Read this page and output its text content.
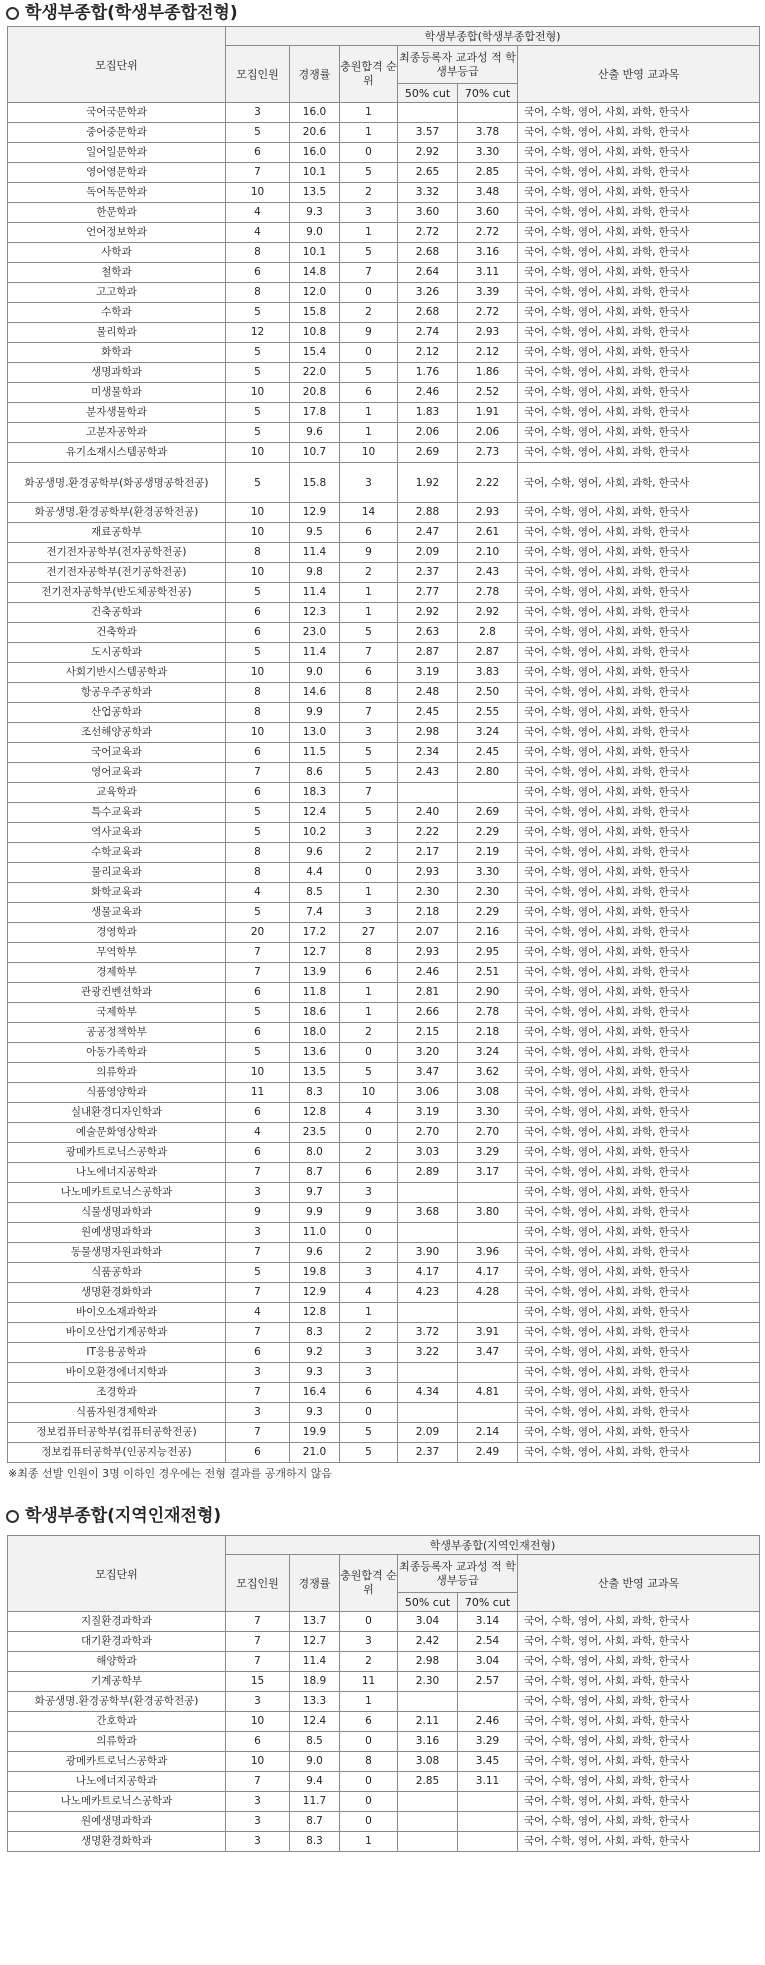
학생부종합(학생부종합전형)
모집단위	학생부종합(학생부종합전형)					
	모집인원	경쟁률	충원합격 순위	최종등록자 교과성 적 학생부등급		산출 반영 교과목
				50% cut	70% cut	
국어국문학과	3	16.0	1			국어, 수학, 영어, 사회, 과학, 한국사
중어중문학과	5	20.6	1	3.57	3.78	국어, 수학, 영어, 사회, 과학, 한국사
일어일문학과	6	16.0	0	2.92	3.30	국어, 수학, 영어, 사회, 과학, 한국사
영어영문학과	7	10.1	5	2.65	2.85	국어, 수학, 영어, 사회, 과학, 한국사
독어독문학과	10	13.5	2	3.32	3.48	국어, 수학, 영어, 사회, 과학, 한국사
한문학과	4	9.3	3	3.60	3.60	국어, 수학, 영어, 사회, 과학, 한국사
언어정보학과	4	9.0	1	2.72	2.72	국어, 수학, 영어, 사회, 과학, 한국사
사학과	8	10.1	5	2.68	3.16	국어, 수학, 영어, 사회, 과학, 한국사
철학과	6	14.8	7	2.64	3.11	국어, 수학, 영어, 사회, 과학, 한국사
고고학과	8	12.0	0	3.26	3.39	국어, 수학, 영어, 사회, 과학, 한국사
수학과	5	15.8	2	2.68	2.72	국어, 수학, 영어, 사회, 과학, 한국사
물리학과	12	10.8	9	2.74	2.93	국어, 수학, 영어, 사회, 과학, 한국사
화학과	5	15.4	0	2.12	2.12	국어, 수학, 영어, 사회, 과학, 한국사
생명과학과	5	22.0	5	1.76	1.86	국어, 수학, 영어, 사회, 과학, 한국사
미생물학과	10	20.8	6	2.46	2.52	국어, 수학, 영어, 사회, 과학, 한국사
분자생물학과	5	17.8	1	1.83	1.91	국어, 수학, 영어, 사회, 과학, 한국사
고분자공학과	5	9.6	1	2.06	2.06	국어, 수학, 영어, 사회, 과학, 한국사
유기소재시스템공학과	10	10.7	10	2.69	2.73	국어, 수학, 영어, 사회, 과학, 한국사
화공생명.환경공학부(화공생명공학전공)	5	15.8	3	1.92	2.22	국어, 수학, 영어, 사회, 과학, 한국사
화공생명.환경공학부(환경공학전공)	10	12.9	14	2.88	2.93	국어, 수학, 영어, 사회, 과학, 한국사
재료공학부	10	9.5	6	2.47	2.61	국어, 수학, 영어, 사회, 과학, 한국사
전기전자공학부(전자공학전공)	8	11.4	9	2.09	2.10	국어, 수학, 영어, 사회, 과학, 한국사
전기전자공학부(전기공학전공)	10	9.8	2	2.37	2.43	국어, 수학, 영어, 사회, 과학, 한국사
전기전자공학부(반도체공학전공)	5	11.4	1	2.77	2.78	국어, 수학, 영어, 사회, 과학, 한국사
건축공학과	6	12.3	1	2.92	2.92	국어, 수학, 영어, 사회, 과학, 한국사
건축학과	6	23.0	5	2.63	2.8	국어, 수학, 영어, 사회, 과학, 한국사
도시공학과	5	11.4	7	2.87	2.87	국어, 수학, 영어, 사회, 과학, 한국사
사회기반시스템공학과	10	9.0	6	3.19	3.83	국어, 수학, 영어, 사회, 과학, 한국사
항공우주공학과	8	14.6	8	2.48	2.50	국어, 수학, 영어, 사회, 과학, 한국사
산업공학과	8	9.9	7	2.45	2.55	국어, 수학, 영어, 사회, 과학, 한국사
조선해양공학과	10	13.0	3	2.98	3.24	국어, 수학, 영어, 사회, 과학, 한국사
국어교육과	6	11.5	5	2.34	2.45	국어, 수학, 영어, 사회, 과학, 한국사
영어교육과	7	8.6	5	2.43	2.80	국어, 수학, 영어, 사회, 과학, 한국사
교육학과	6	18.3	7			국어, 수학, 영어, 사회, 과학, 한국사
특수교육과	5	12.4	5	2.40	2.69	국어, 수학, 영어, 사회, 과학, 한국사
역사교육과	5	10.2	3	2.22	2.29	국어, 수학, 영어, 사회, 과학, 한국사
수학교육과	8	9.6	2	2.17	2.19	국어, 수학, 영어, 사회, 과학, 한국사
물리교육과	8	4.4	0	2.93	3.30	국어, 수학, 영어, 사회, 과학, 한국사
화학교육과	4	8.5	1	2.30	2.30	국어, 수학, 영어, 사회, 과학, 한국사
생물교육과	5	7.4	3	2.18	2.29	국어, 수학, 영어, 사회, 과학, 한국사
경영학과	20	17.2	27	2.07	2.16	국어, 수학, 영어, 사회, 과학, 한국사
무역학부	7	12.7	8	2.93	2.95	국어, 수학, 영어, 사회, 과학, 한국사
경제학부	7	13.9	6	2.46	2.51	국어, 수학, 영어, 사회, 과학, 한국사
관광컨벤션학과	6	11.8	1	2.81	2.90	국어, 수학, 영어, 사회, 과학, 한국사
국제학부	5	18.6	1	2.66	2.78	국어, 수학, 영어, 사회, 과학, 한국사
공공정책학부	6	18.0	2	2.15	2.18	국어, 수학, 영어, 사회, 과학, 한국사
아동가족학과	5	13.6	0	3.20	3.24	국어, 수학, 영어, 사회, 과학, 한국사
의류학과	10	13.5	5	3.47	3.62	국어, 수학, 영어, 사회, 과학, 한국사
식품영양학과	11	8.3	10	3.06	3.08	국어, 수학, 영어, 사회, 과학, 한국사
실내환경디자인학과	6	12.8	4	3.19	3.30	국어, 수학, 영어, 사회, 과학, 한국사
예술문화영상학과	4	23.5	0	2.70	2.70	국어, 수학, 영어, 사회, 과학, 한국사
광메카트로닉스공학과	6	8.0	2	3.03	3.29	국어, 수학, 영어, 사회, 과학, 한국사
나노에너지공학과	7	8.7	6	2.89	3.17	국어, 수학, 영어, 사회, 과학, 한국사
나노메카트로닉스공학과	3	9.7	3			국어, 수학, 영어, 사회, 과학, 한국사
식물생명과학과	9	9.9	9	3.68	3.80	국어, 수학, 영어, 사회, 과학, 한국사
원예생명과학과	3	11.0	0			국어, 수학, 영어, 사회, 과학, 한국사
동물생명자원과학과	7	9.6	2	3.90	3.96	국어, 수학, 영어, 사회, 과학, 한국사
식품공학과	5	19.8	3	4.17	4.17	국어, 수학, 영어, 사회, 과학, 한국사
생명환경화학과	7	12.9	4	4.23	4.28	국어, 수학, 영어, 사회, 과학, 한국사
바이오소재과학과	4	12.8	1			국어, 수학, 영어, 사회, 과학, 한국사
바이오산업기계공학과	7	8.3	2	3.72	3.91	국어, 수학, 영어, 사회, 과학, 한국사
IT응용공학과	6	9.2	3	3.22	3.47	국어, 수학, 영어, 사회, 과학, 한국사
바이오환경에너지학과	3	9.3	3			국어, 수학, 영어, 사회, 과학, 한국사
조경학과	7	16.4	6	4.34	4.81	국어, 수학, 영어, 사회, 과학, 한국사
식품자원경제학과	3	9.3	0			국어, 수학, 영어, 사회, 과학, 한국사
정보컴퓨터공학부(컴퓨터공학전공)	7	19.9	5	2.09	2.14	국어, 수학, 영어, 사회, 과학, 한국사
정보컴퓨터공학부(인공지능전공)	6	21.0	5	2.37	2.49	국어, 수학, 영어, 사회, 과학, 한국사
※최종 선발 인원이 3명 이하인 경우에는 전형 결과를 공개하지 않음
학생부종합(지역인재전형)
모집단위	학생부종합(지역인재전형)					
	모집인원	경쟁률	충원합격 순위	최종등록자 교과성 적 학생부등급		산출 반영 교과목
				50% cut	70% cut	
지질환경과학과	7	13.7	0	3.04	3.14	국어, 수학, 영어, 사회, 과학, 한국사
대기환경과학과	7	12.7	3	2.42	2.54	국어, 수학, 영어, 사회, 과학, 한국사
해양학과	7	11.4	2	2.98	3.04	국어, 수학, 영어, 사회, 과학, 한국사
기계공학부	15	18.9	11	2.30	2.57	국어, 수학, 영어, 사회, 과학, 한국사
화공생명.환경공학부(환경공학전공)	3	13.3	1			국어, 수학, 영어, 사회, 과학, 한국사
간호학과	10	12.4	6	2.11	2.46	국어, 수학, 영어, 사회, 과학, 한국사
의류학과	6	8.5	0	3.16	3.29	국어, 수학, 영어, 사회, 과학, 한국사
광메카트로닉스공학과	10	9.0	8	3.08	3.45	국어, 수학, 영어, 사회, 과학, 한국사
나노에너지공학과	7	9.4	0	2.85	3.11	국어, 수학, 영어, 사회, 과학, 한국사
나노메카트로닉스공학과	3	11.7	0			국어, 수학, 영어, 사회, 과학, 한국사
원예생명과학과	3	8.7	0			국어, 수학, 영어, 사회, 과학, 한국사
생명환경화학과	3	8.3	1			국어, 수학, 영어, 사회, 과학, 한국사
